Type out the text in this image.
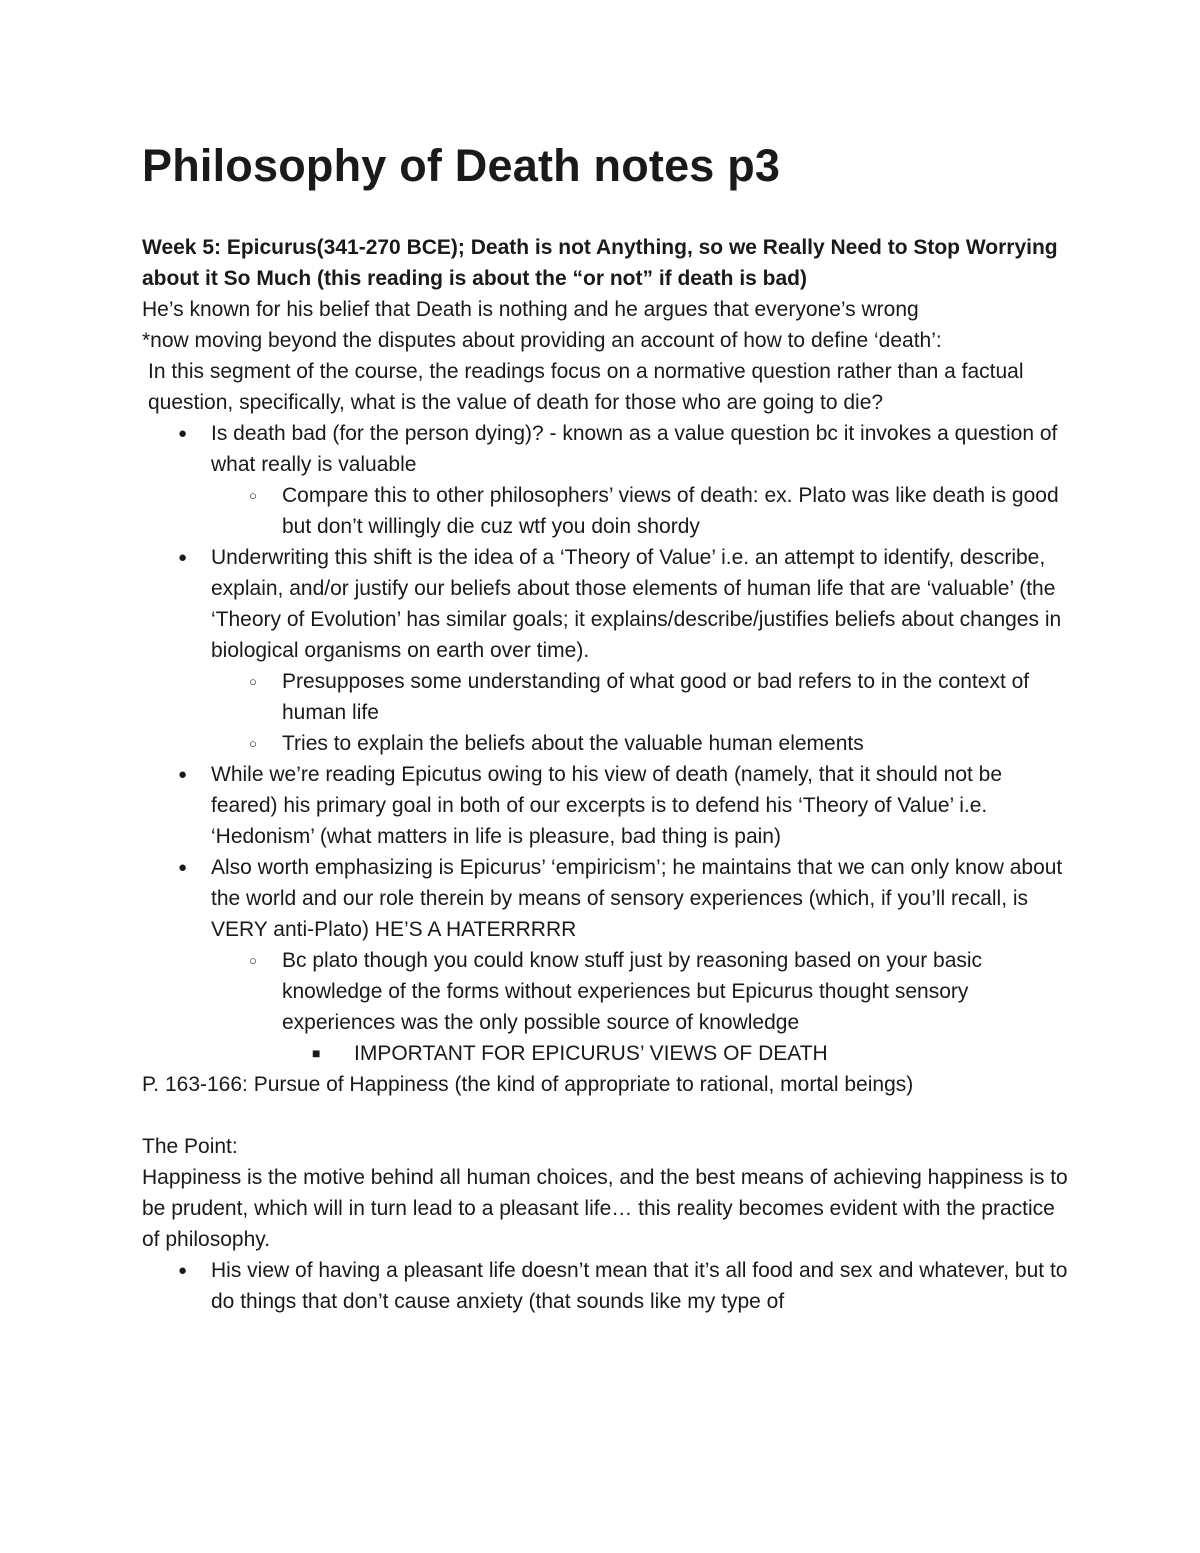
Philosophy of Death notes p3

Week 5: Epicurus(341-270 BCE); Death is not Anything, so we Really Need to Stop Worrying about it So Much (this reading is about the “or not” if death is bad)

He’s known for his belief that Death is nothing and he argues that everyone’s wrong

*now moving beyond the disputes about providing an account of how to define ‘death’:

In this segment of the course, the readings focus on a normative question rather than a factual question, specifically, what is the value of death for those who are going to die?

● Is death bad (for the person dying)? - known as a value question bc it invokes a question of what really is valuable
○ Compare this to other philosophers’ views of death: ex. Plato was like death is good but don’t willingly die cuz wtf you doin shordy
● Underwriting this shift is the idea of a ‘Theory of Value’ i.e. an attempt to identify, describe, explain, and/or justify our beliefs about those elements of human life that are ‘valuable’ (the ‘Theory of Evolution’ has similar goals; it explains/describe/justifies beliefs about changes in biological organisms on earth over time).
○ Presupposes some understanding of what good or bad refers to in the context of human life
○ Tries to explain the beliefs about the valuable human elements
● While we’re reading Epicutus owing to his view of death (namely, that it should not be feared) his primary goal in both of our excerpts is to defend his ‘Theory of Value’ i.e. ‘Hedonism’ (what matters in life is pleasure, bad thing is pain)
● Also worth emphasizing is Epicurus’ ‘empiricism’; he maintains that we can only know about the world and our role therein by means of sensory experiences (which, if you’ll recall, is VERY anti-Plato) HE’S A HATERRRRR
○ Bc plato though you could know stuff just by reasoning based on your basic knowledge of the forms without experiences but Epicurus thought sensory experiences was the only possible source of knowledge
■ IMPORTANT FOR EPICURUS’ VIEWS OF DEATH

P. 163-166: Pursue of Happiness (the kind of appropriate to rational, mortal beings)

The Point:

Happiness is the motive behind all human choices, and the best means of achieving happiness is to be prudent, which will in turn lead to a pleasant life… this reality becomes evident with the practice of philosophy.

● His view of having a pleasant life doesn’t mean that it’s all food and sex and whatever, but to do things that don’t cause anxiety (that sounds like my type of
